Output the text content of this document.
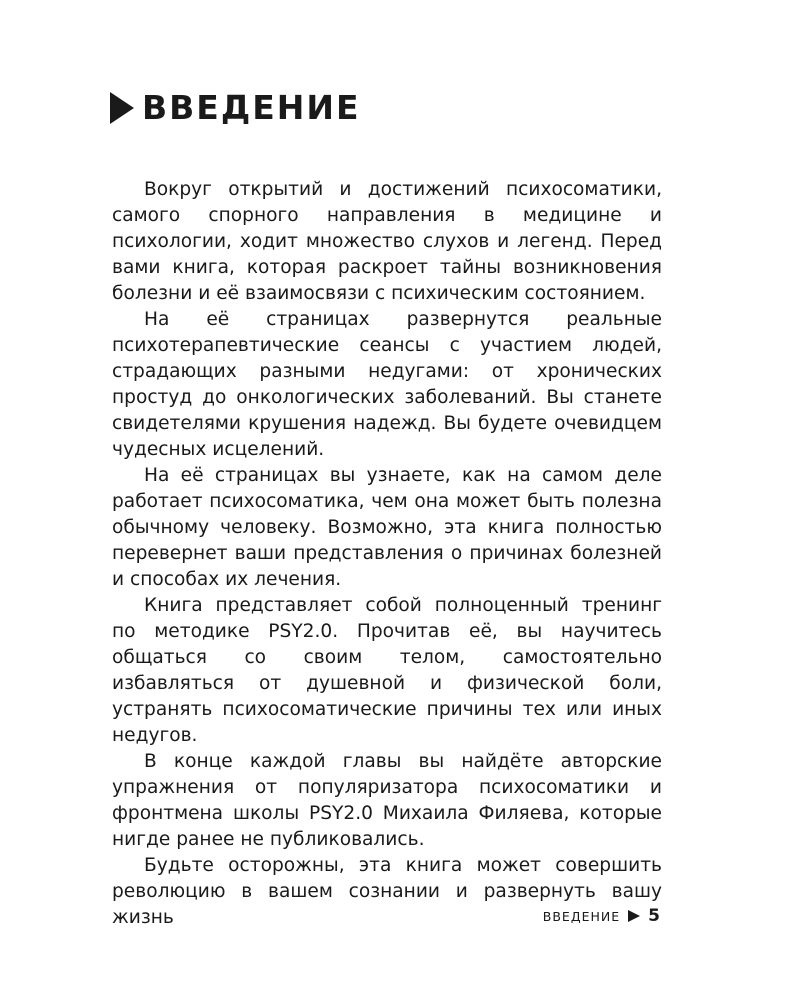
ВВЕДЕНИЕ

Вокруг открытий и достижений психосоматики, самого спорного направления в медицине и психологии, ходит множество слухов и легенд. Перед вами книга, которая раскроет тайны возникновения болезни и её взаимосвязи с психическим состоянием.

На её страницах развернутся реальные психотерапевтические сеансы с участием людей, страдающих разными недугами: от хронических простуд до онкологических заболеваний. Вы станете свидетелями крушения надежд. Вы будете очевидцем чудесных исцелений.

На её страницах вы узнаете, как на самом деле работает психосоматика, чем она может быть полезна обычному человеку. Возможно, эта книга полностью перевернет ваши представления о причинах болезней и способах их лечения.

Книга представляет собой полноценный тренинг по методике PSY2.0. Прочитав её, вы научитесь общаться со своим телом, самостоятельно избавляться от душевной и физической боли, устранять психосоматические причины тех или иных недугов.

В конце каждой главы вы найдёте авторские упражнения от популяризатора психосоматики и фронтмена школы PSY2.0 Михаила Филяева, которые нигде ранее не публиковались.

Будьте осторожны, эта книга может совершить революцию в вашем сознании и развернуть вашу жизнь	ВВЕДЕНИЕ 5
